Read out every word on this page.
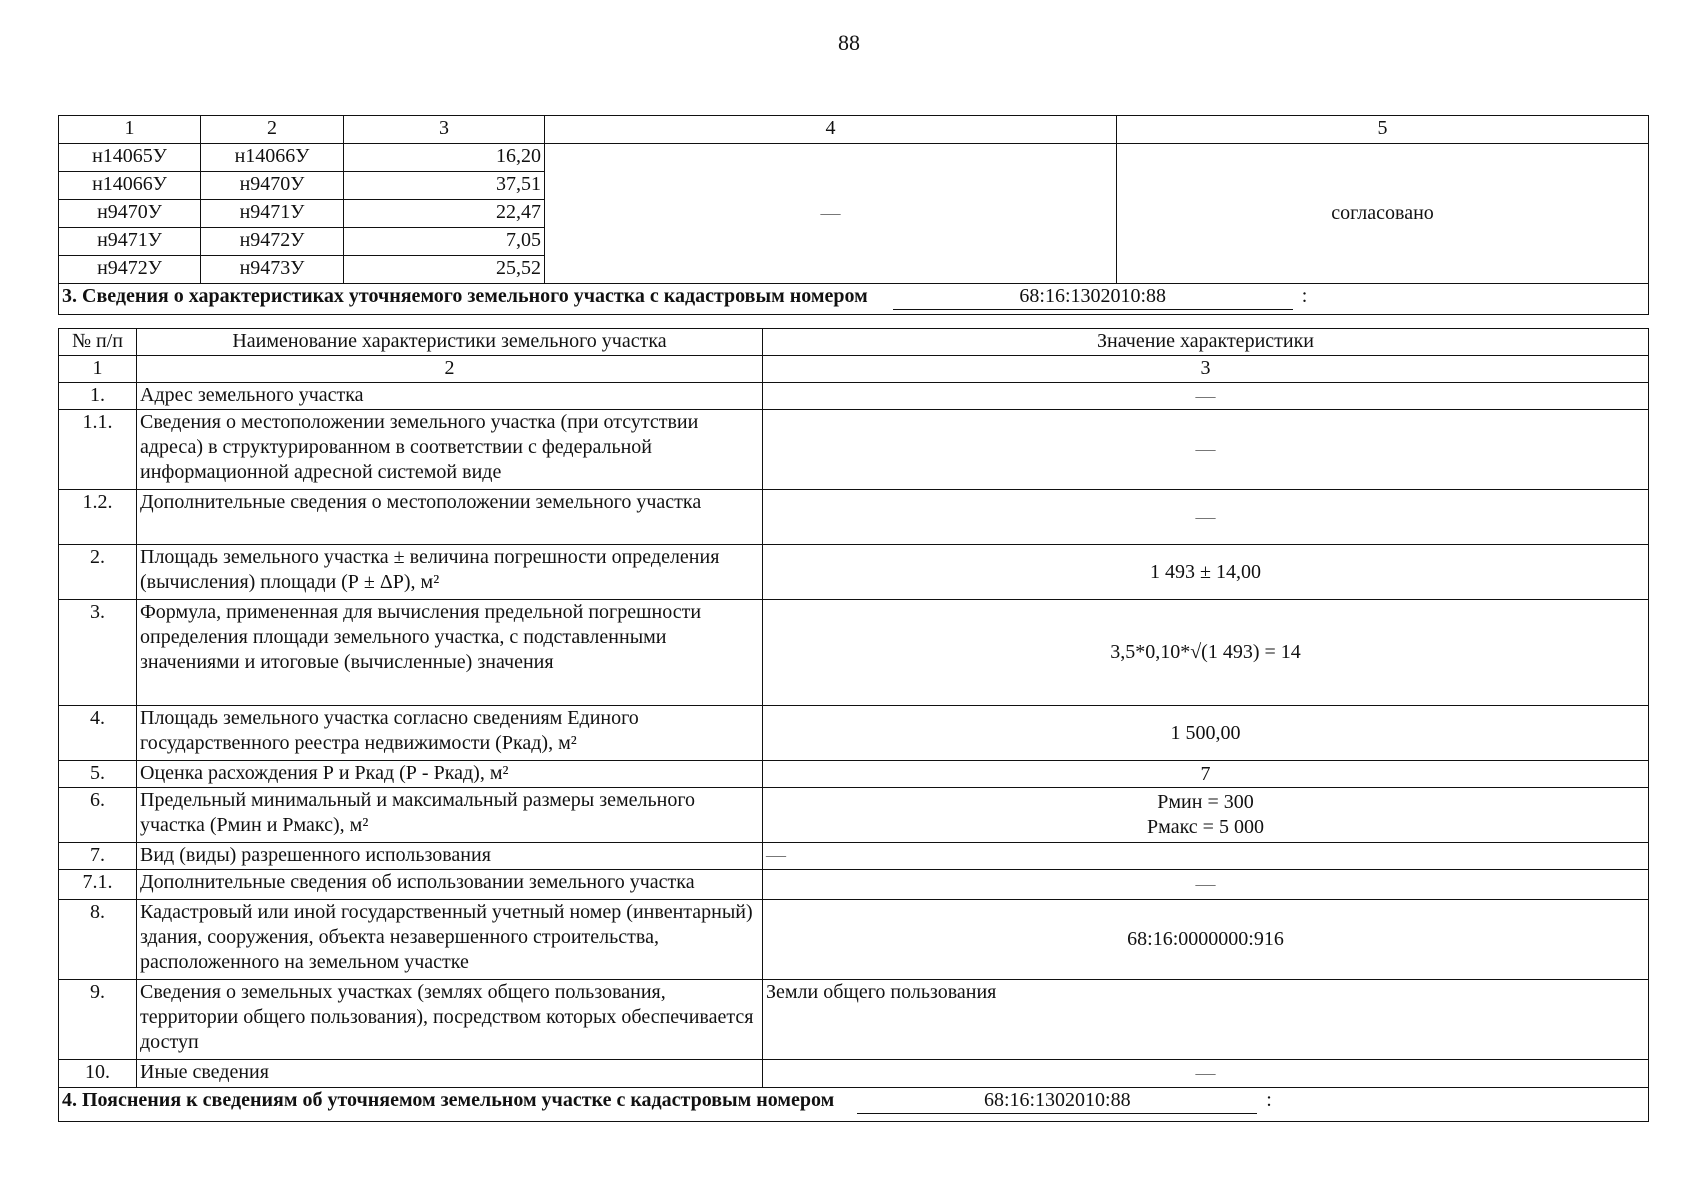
88
1	2	3	4	5
н14065У	н14066У	16,20	—	согласовано
н14066У	н9470У	37,51		
н9470У	н9471У	22,47		
н9471У	н9472У	7,05		
н9472У	н9473У	25,52		
3. Сведения о характеристиках уточняемого земельного участка с кадастровым номером 68:16:1302010:88 :				
№ п/п	Наименование характеристики земельного участка	Значение характеристики
1	2	3
1.	Адрес земельного участка	—
1.1.	Сведения о местоположении земельного участка (при отсутствии адреса) в структурированном в соответствии с федеральной информационной адресной системой виде	—
1.2.	Дополнительные сведения о местоположении земельного участка	—
2.	Площадь земельного участка ± величина погрешности определения (вычисления) площади (Р ± ΔР), м²	1 493 ± 14,00
3.	Формула, примененная для вычисления предельной погрешности определения площади земельного участка, с подставленными значениями и итоговые (вычисленные) значения	3,5*0,10*√(1 493) = 14
4.	Площадь земельного участка согласно сведениям Единого государственного реестра недвижимости (Ркад), м²	1 500,00
5.	Оценка расхождения Р и Ркад (Р - Ркад), м²	7
6.	Предельный минимальный и максимальный размеры земельного участка (Рмин и Рмакс), м²	Рмин = 300
Рмакс = 5 000

7.	Вид (виды) разрешенного использования	—
7.1.	Дополнительные сведения об использовании земельного участка	—
8.	Кадастровый или иной государственный учетный номер (инвентарный) здания, сооружения, объекта незавершенного строительства, расположенного на земельном участке	68:16:0000000:916
9.	Сведения о земельных участках (землях общего пользования, территории общего пользования), посредством которых обеспечивается доступ	Земли общего пользования
10.	Иные сведения	—
4. Пояснения к сведениям об уточняемом земельном участке с кадастровым номером 68:16:1302010:88 :		
